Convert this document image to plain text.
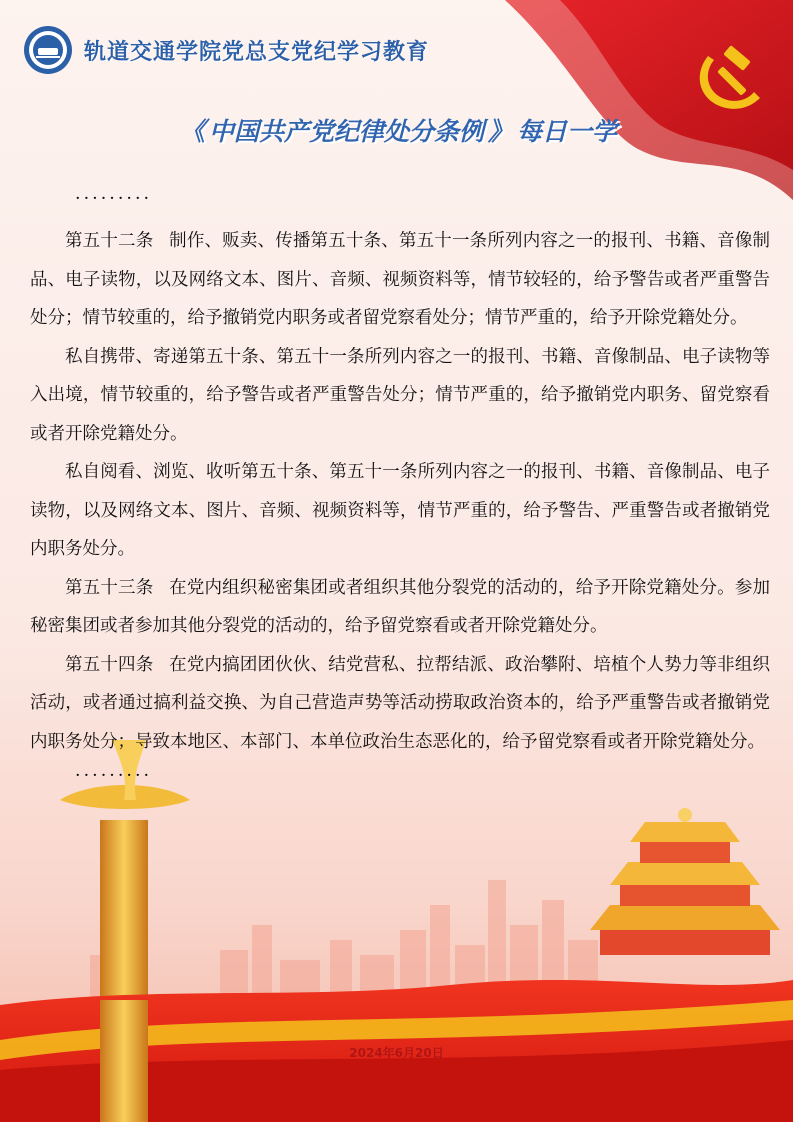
轨道交通学院党总支党纪学习教育
《 中国共产党纪律处分条例 》 每日一学
·········

第五十二条 制作、贩卖、传播第五十条、第五十一条所列内容之一的报刊、书籍、音像制品、电子读物，以及网络文本、图片、音频、视频资料等，情节较轻的，给予警告或者严重警告处分；情节较重的，给予撤销党内职务或者留党察看处分；情节严重的，给予开除党籍处分。

私自携带、寄递第五十条、第五十一条所列内容之一的报刊、书籍、音像制品、电子读物等入出境，情节较重的，给予警告或者严重警告处分；情节严重的，给予撤销党内职务、留党察看或者开除党籍处分。

私自阅看、浏览、收听第五十条、第五十一条所列内容之一的报刊、书籍、音像制品、电子读物，以及网络文本、图片、音频、视频资料等，情节严重的，给予警告、严重警告或者撤销党内职务处分。

第五十三条 在党内组织秘密集团或者组织其他分裂党的活动的，给予开除党籍处分。参加秘密集团或者参加其他分裂党的活动的，给予留党察看或者开除党籍处分。

第五十四条 在党内搞团团伙伙、结党营私、拉帮结派、政治攀附、培植个人势力等非组织活动，或者通过搞利益交换、为自己营造声势等活动捞取政治资本的，给予严重警告或者撤销党内职务处分；导致本地区、本部门、本单位政治生态恶化的，给予留党察看或者开除党籍处分。

·········
2024年6月20日
